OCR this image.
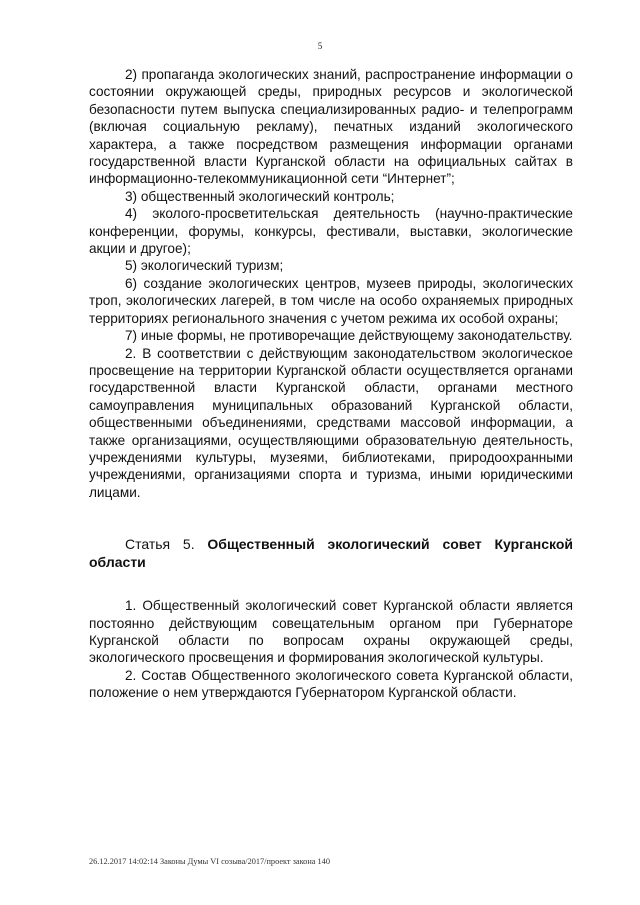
5

2) пропаганда экологических знаний, распространение информации о состоянии окружающей среды, природных ресурсов и экологической безопасности путем выпуска специализированных радио- и телепрограмм (включая социальную рекламу), печатных изданий экологического характера, а также посредством размещения информации органами государственной власти Курганской области на официальных сайтах в информационно-телекоммуникационной сети “Интернет”;

3) общественный экологический контроль;

4) эколого-просветительская деятельность (научно-практические конференции, форумы, конкурсы, фестивали, выставки, экологические акции и другое);

5) экологический туризм;

6) создание экологических центров, музеев природы, экологических троп, экологических лагерей, в том числе на особо охраняемых природных территориях регионального значения с учетом режима их особой охраны;

7) иные формы, не противоречащие действующему законодательству.

2. В соответствии с действующим законодательством экологическое просвещение на территории Курганской области осуществляется органами государственной власти Курганской области, органами местного самоуправления муниципальных образований Курганской области, общественными объединениями, средствами массовой информации, а также организациями, осуществляющими образовательную деятельность, учреждениями культуры, музеями, библиотеками, природоохранными учреждениями, организациями спорта и туризма, иными юридическими лицами.

Статья 5. Общественный экологический совет Курганской области

1. Общественный экологический совет Курганской области является постоянно действующим совещательным органом при Губернаторе Курганской области по вопросам охраны окружающей среды, экологического просвещения и формирования экологической культуры.

2. Состав Общественного экологического совета Курганской области, положение о нем утверждаются Губернатором Курганской области.

26.12.2017 14:02:14 Законы Думы VI созыва/2017/проект закона 140
